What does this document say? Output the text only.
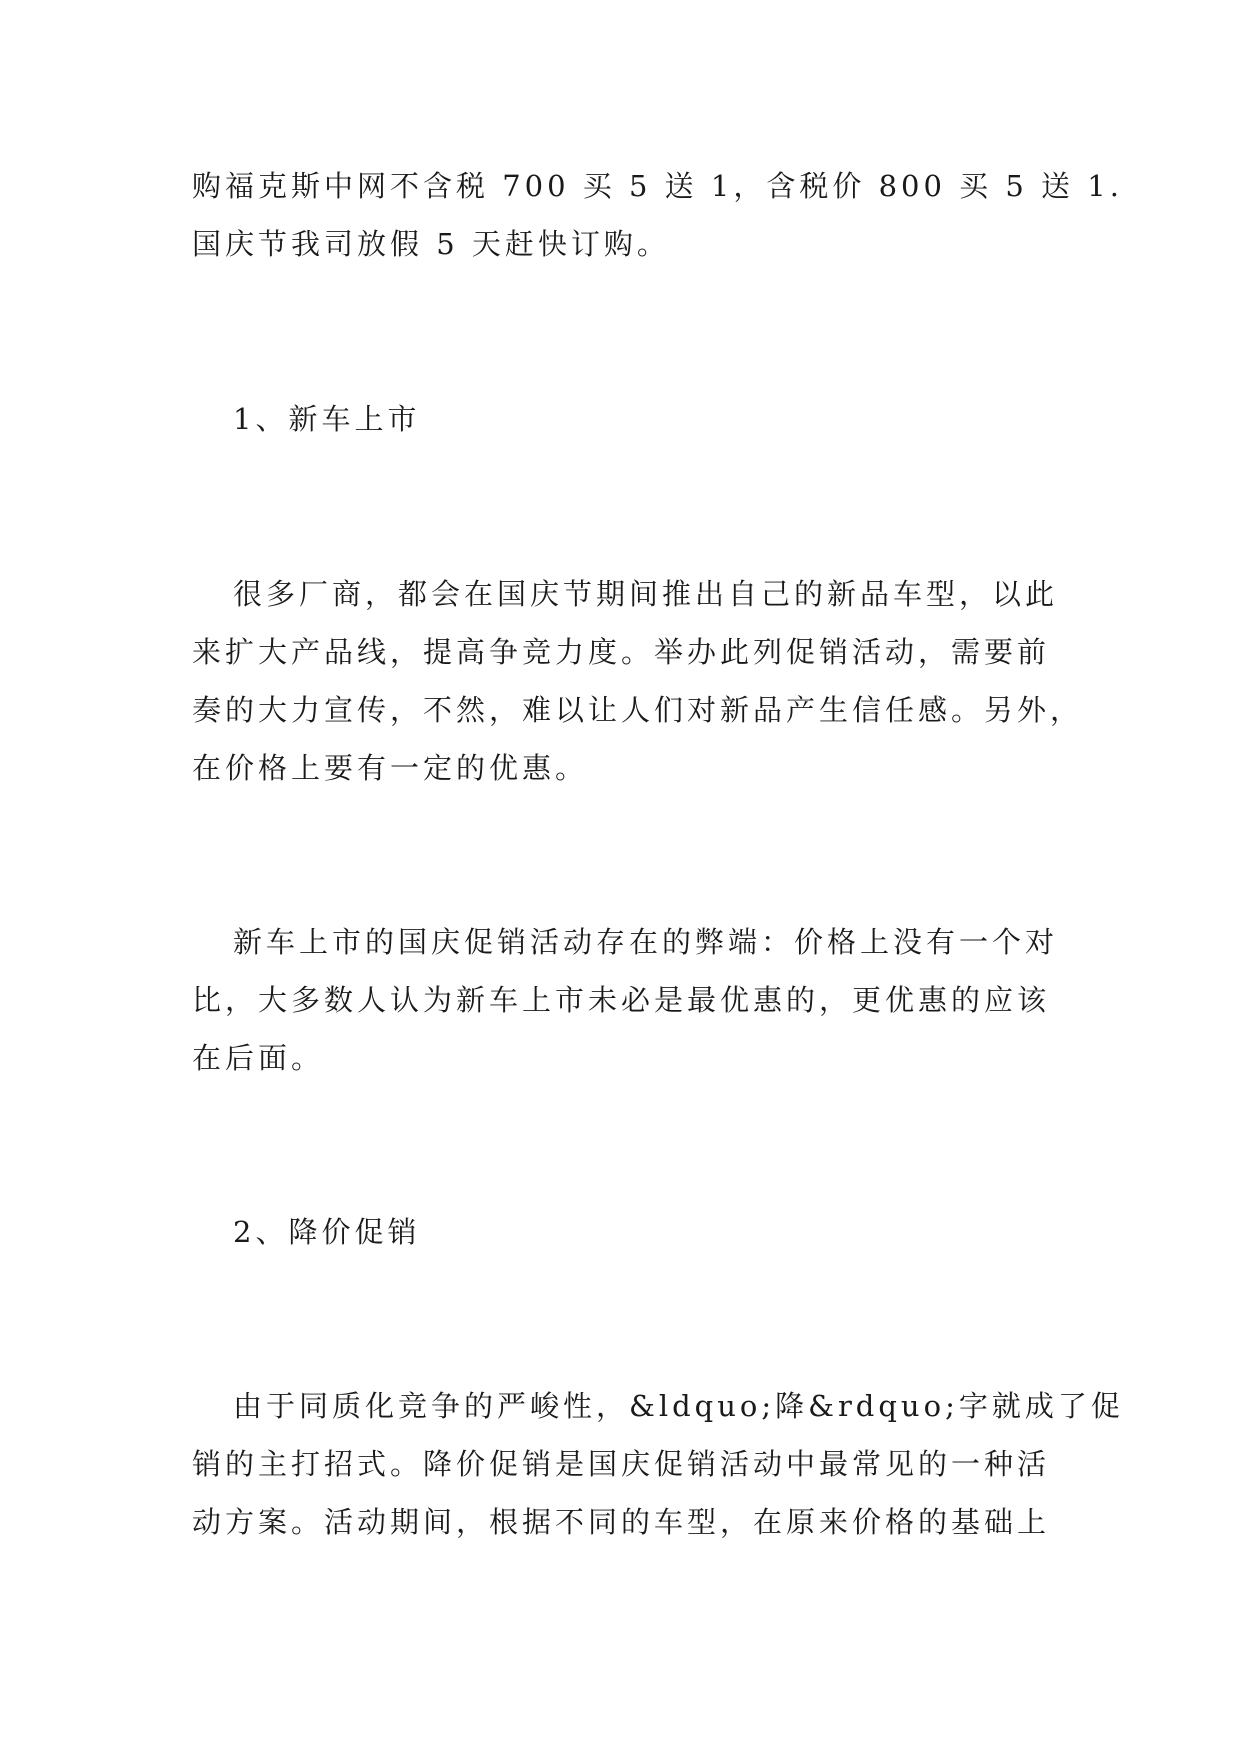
购福克斯中网不含税 700 买 5 送 1，含税价 800 买 5 送 1.
国庆节我司放假 5 天赶快订购。
1、新车上市
很多厂商，都会在国庆节期间推出自己的新品车型，以此
来扩大产品线，提高争竞力度。举办此列促销活动，需要前
奏的大力宣传，不然，难以让人们对新品产生信任感。另外，
在价格上要有一定的优惠。
新车上市的国庆促销活动存在的弊端：价格上没有一个对
比，大多数人认为新车上市未必是最优惠的，更优惠的应该
在后面。
2、降价促销
由于同质化竞争的严峻性，&ldquo;降&rdquo;字就成了促
销的主打招式。降价促销是国庆促销活动中最常见的一种活
动方案。活动期间，根据不同的车型，在原来价格的基础上
